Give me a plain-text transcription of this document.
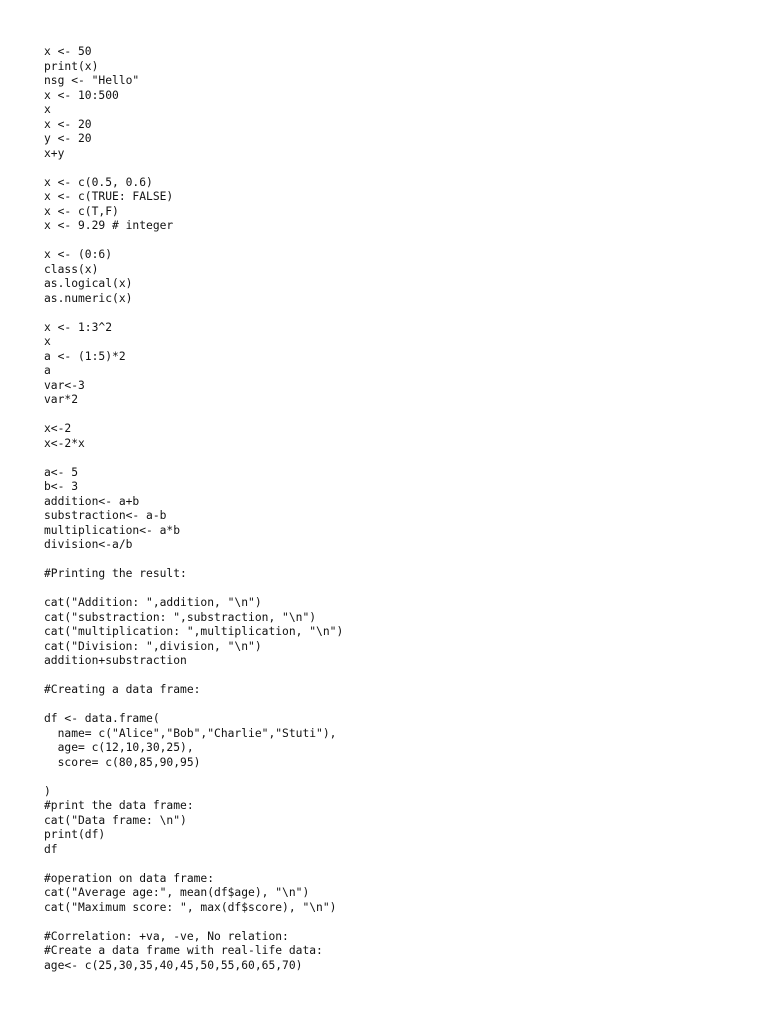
x <- 50
print(x)
nsg <- "Hello"
x <- 10:500
x
x <- 20
y <- 20
x+y
x <- c(0.5, 0.6)
x <- c(TRUE: FALSE)
x <- c(T,F)
x <- 9.29 # integer
x <- (0:6)
class(x)
as.logical(x)
as.numeric(x)
x <- 1:3^2
x
a <- (1:5)*2
a
var<-3
var*2
x<-2
x<-2*x
a<- 5
b<- 3
addition<- a+b
substraction<- a-b
multiplication<- a*b
division<-a/b
#Printing the result:
cat("Addition: ",addition, "\n")
cat("substraction: ",substraction, "\n")
cat("multiplication: ",multiplication, "\n")
cat("Division: ",division, "\n")
addition+substraction
#Creating a data frame:
df <- data.frame(
name= c("Alice","Bob","Charlie","Stuti"),
age= c(12,10,30,25),
score= c(80,85,90,95)
)
#print the data frame:
cat("Data frame: \n")
print(df)
df
#operation on data frame:
cat("Average age:", mean(df$age), "\n")
cat("Maximum score: ", max(df$score), "\n")
#Correlation: +va, -ve, No relation:
#Create a data frame with real-life data:
age<- c(25,30,35,40,45,50,55,60,65,70)
